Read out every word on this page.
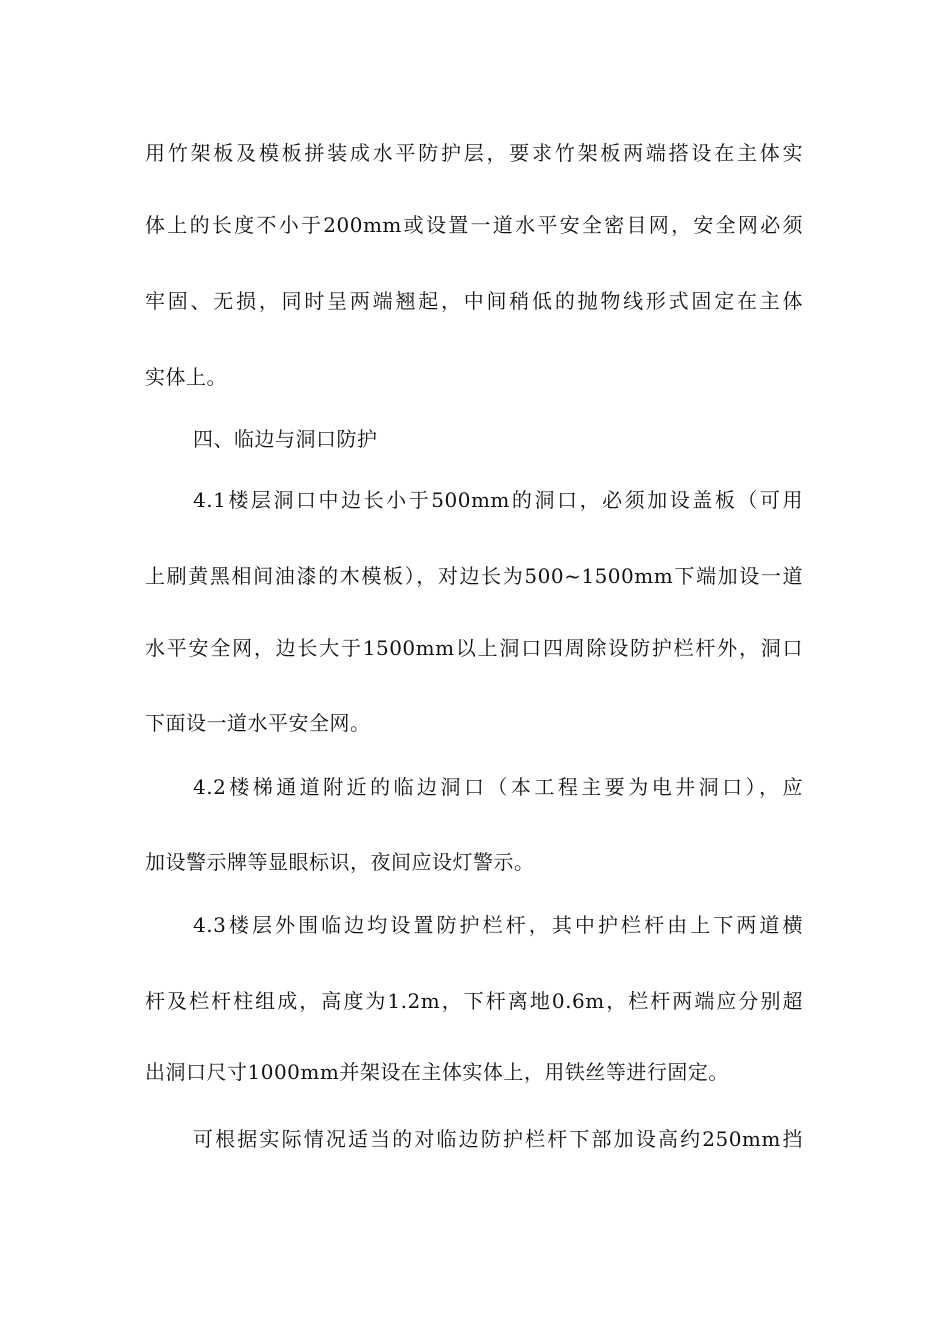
用竹架板及模板拼装成水平防护层，要求竹架板两端搭设在主体实
体上的长度不小于200mm或设置一道水平安全密目网，安全网必须
牢固、无损，同时呈两端翘起，中间稍低的抛物线形式固定在主体
实体上。
四、临边与洞口防护
4.1楼层洞口中边长小于500mm的洞口，必须加设盖板（可用
上刷黄黑相间油漆的木模板），对边长为500~1500mm下端加设一道
水平安全网，边长大于1500mm以上洞口四周除设防护栏杆外，洞口
下面设一道水平安全网。
4.2楼梯通道附近的临边洞口（本工程主要为电井洞口），应
加设警示牌等显眼标识，夜间应设灯警示。
4.3楼层外围临边均设置防护栏杆，其中护栏杆由上下两道横
杆及栏杆柱组成，高度为1.2m，下杆离地0.6m，栏杆两端应分别超
出洞口尺寸1000mm并架设在主体实体上，用铁丝等进行固定。
可根据实际情况适当的对临边防护栏杆下部加设高约250mm挡
